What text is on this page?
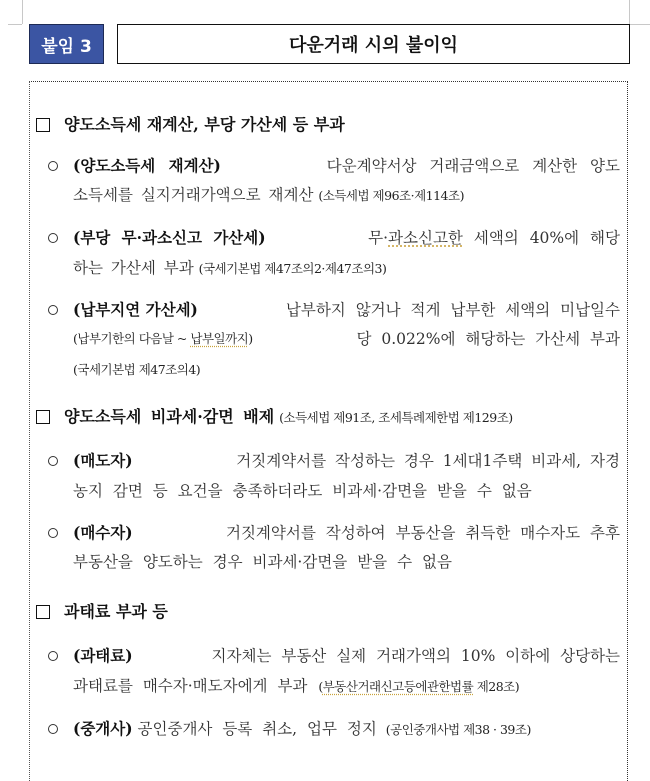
붙임 3	다운거래 시의 불이익
양도소득세 재계산, 부당 가산세 등 부과
(양도소득세 재계산)	다운계약서상 거래금액으로 계산한 양도
소득세를 실지거래가액으로 재계산 (소득세법 제96조·제114조)
(부당 무·과소신고 가산세)	무·과소신고한 세액의 40%에 해당
하는 가산세 부과 (국세기본법 제47조의2·제47조의3)
(납부지연 가산세)	납부하지 않거나 적게 납부한 세액의 미납일수
(납부기한의 다음날 ~ 납부일까지)	당 0.022%에 해당하는 가산세 부과
(국세기본법 제47조의4)
양도소득세 비과세·감면 배제 (소득세법 제91조, 조세특례제한법 제129조)
(매도자)	거짓계약서를 작성하는 경우 1세대1주택 비과세, 자경
농지 감면 등 요건을 충족하더라도 비과세·감면을 받을 수 없음
(매수자)	거짓계약서를 작성하여 부동산을 취득한 매수자도 추후
부동산을 양도하는 경우 비과세·감면을 받을 수 없음
과태료 부과 등
(과태료)	지자체는 부동산 실제 거래가액의 10% 이하에 상당하는
과태료를 매수자·매도자에게 부과 (부동산거래신고등에관한법률 제28조)
(중개사) 공인중개사 등록 취소, 업무 정지 (공인중개사법 제38 · 39조)
